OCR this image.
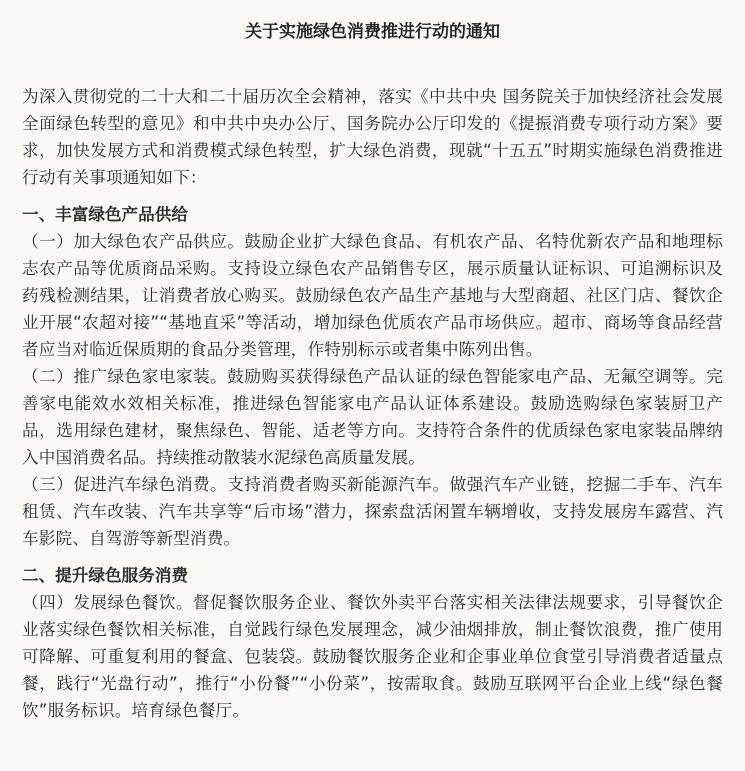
关于实施绿色消费推进行动的通知

为深入贯彻党的二十大和二十届历次全会精神，落实《中共中央 国务院关于加快经济社会发展全面绿色转型的意见》和中共中央办公厅、国务院办公厅印发的《提振消费专项行动方案》要求，加快发展方式和消费模式绿色转型，扩大绿色消费，现就“十五五”时期实施绿色消费推进行动有关事项通知如下：

一、丰富绿色产品供给

（一）加大绿色农产品供应。鼓励企业扩大绿色食品、有机农产品、名特优新农产品和地理标志农产品等优质商品采购。支持设立绿色农产品销售专区，展示质量认证标识、可追溯标识及药残检测结果，让消费者放心购买。鼓励绿色农产品生产基地与大型商超、社区门店、餐饮企业开展“农超对接”“基地直采”等活动，增加绿色优质农产品市场供应。超市、商场等食品经营者应当对临近保质期的食品分类管理，作特别标示或者集中陈列出售。

（二）推广绿色家电家装。鼓励购买获得绿色产品认证的绿色智能家电产品、无氟空调等。完善家电能效水效相关标准，推进绿色智能家电产品认证体系建设。鼓励选购绿色家装厨卫产品，选用绿色建材，聚焦绿色、智能、适老等方向。支持符合条件的优质绿色家电家装品牌纳入中国消费名品。持续推动散装水泥绿色高质量发展。

（三）促进汽车绿色消费。支持消费者购买新能源汽车。做强汽车产业链，挖掘二手车、汽车租赁、汽车改装、汽车共享等“后市场”潜力，探索盘活闲置车辆增收，支持发展房车露营、汽车影院、自驾游等新型消费。

二、提升绿色服务消费

（四）发展绿色餐饮。督促餐饮服务企业、餐饮外卖平台落实相关法律法规要求，引导餐饮企业落实绿色餐饮相关标准，自觉践行绿色发展理念，减少油烟排放，制止餐饮浪费，推广使用可降解、可重复利用的餐盒、包装袋。鼓励餐饮服务企业和企事业单位食堂引导消费者适量点餐，践行“光盘行动”，推行“小份餐”“小份菜”，按需取食。鼓励互联网平台企业上线“绿色餐饮”服务标识。培育绿色餐厅。
